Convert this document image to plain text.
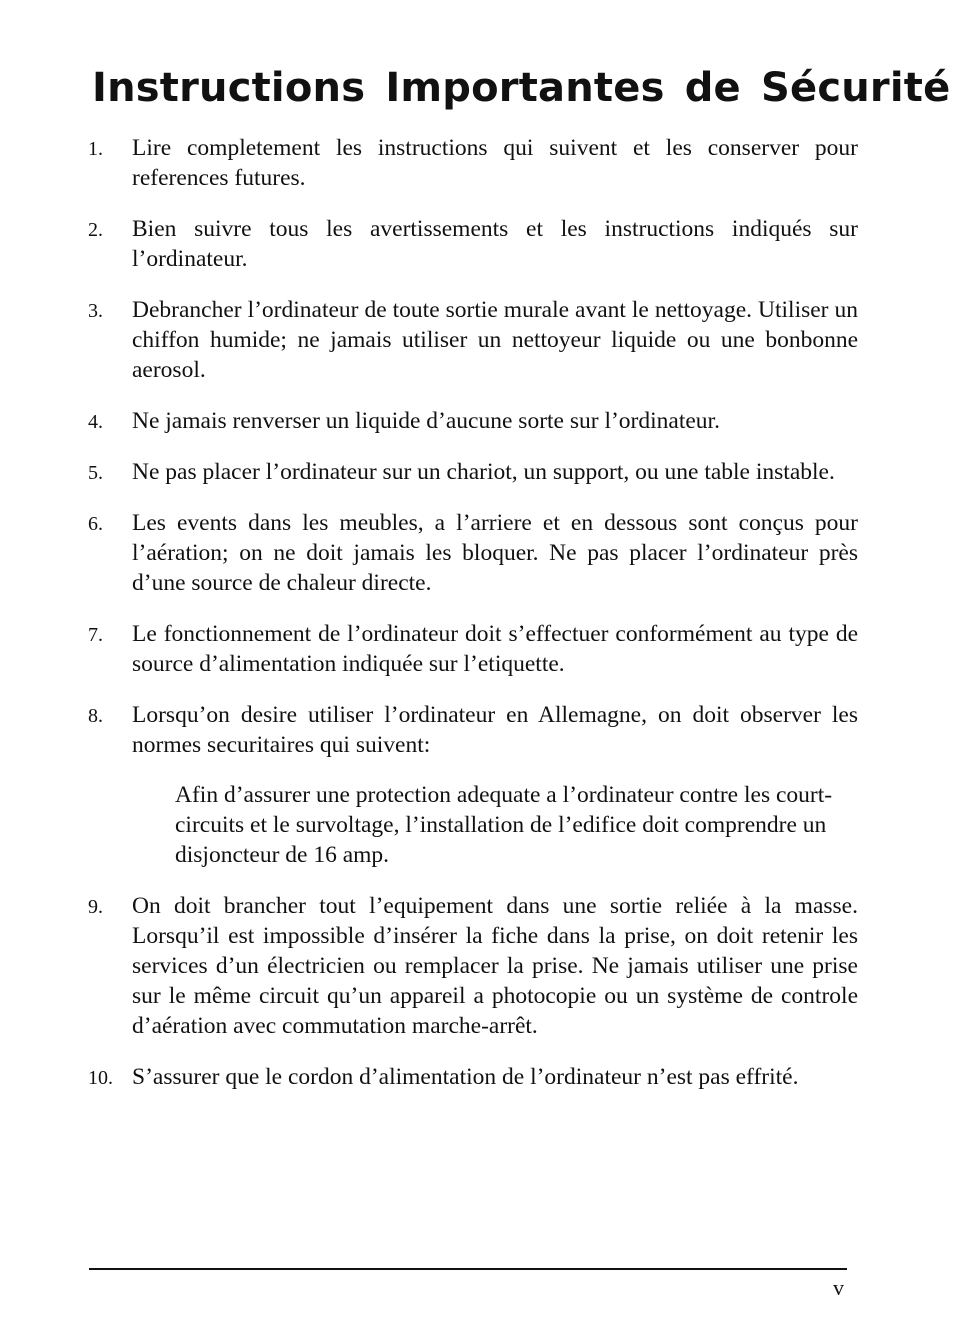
Instructions Importantes de Sécurité
1. Lire completement les instructions qui suivent et les conserver pour references futures.
2. Bien suivre tous les avertissements et les instructions indiqués sur l’ordinateur.
3. Debrancher l’ordinateur de toute sortie murale avant le nettoyage. Utiliser un chiffon humide; ne jamais utiliser un nettoyeur liquide ou une bonbonne aerosol.
4. Ne jamais renverser un liquide d’aucune sorte sur l’ordinateur.
5. Ne pas placer l’ordinateur sur un chariot, un support, ou une table instable.
6. Les events dans les meubles, a l’arriere et en dessous sont conçus pour l’aération; on ne doit jamais les bloquer. Ne pas placer l’ordinateur près d’une source de chaleur directe.
7. Le fonctionnement de l’ordinateur doit s’effectuer conformément au type de source d’alimentation indiquée sur l’etiquette.
8. Lorsqu’on desire utiliser l’ordinateur en Allemagne, on doit observer les normes securitaires qui suivent:
Afin d’assurer une protection adequate a l’ordinateur contre les court-circuits et le survoltage, l’installation de l’edifice doit comprendre un disjoncteur de 16 amp.
9. On doit brancher tout l’equipement dans une sortie reliée à la masse. Lorsqu’il est impossible d’insérer la fiche dans la prise, on doit retenir les services d’un électricien ou remplacer la prise. Ne jamais utiliser une prise sur le même circuit qu’un appareil a photocopie ou un système de controle d’aération avec commutation marche-arrêt.
10. S’assurer que le cordon d’alimentation de l’ordinateur n’est pas effrité.
v
